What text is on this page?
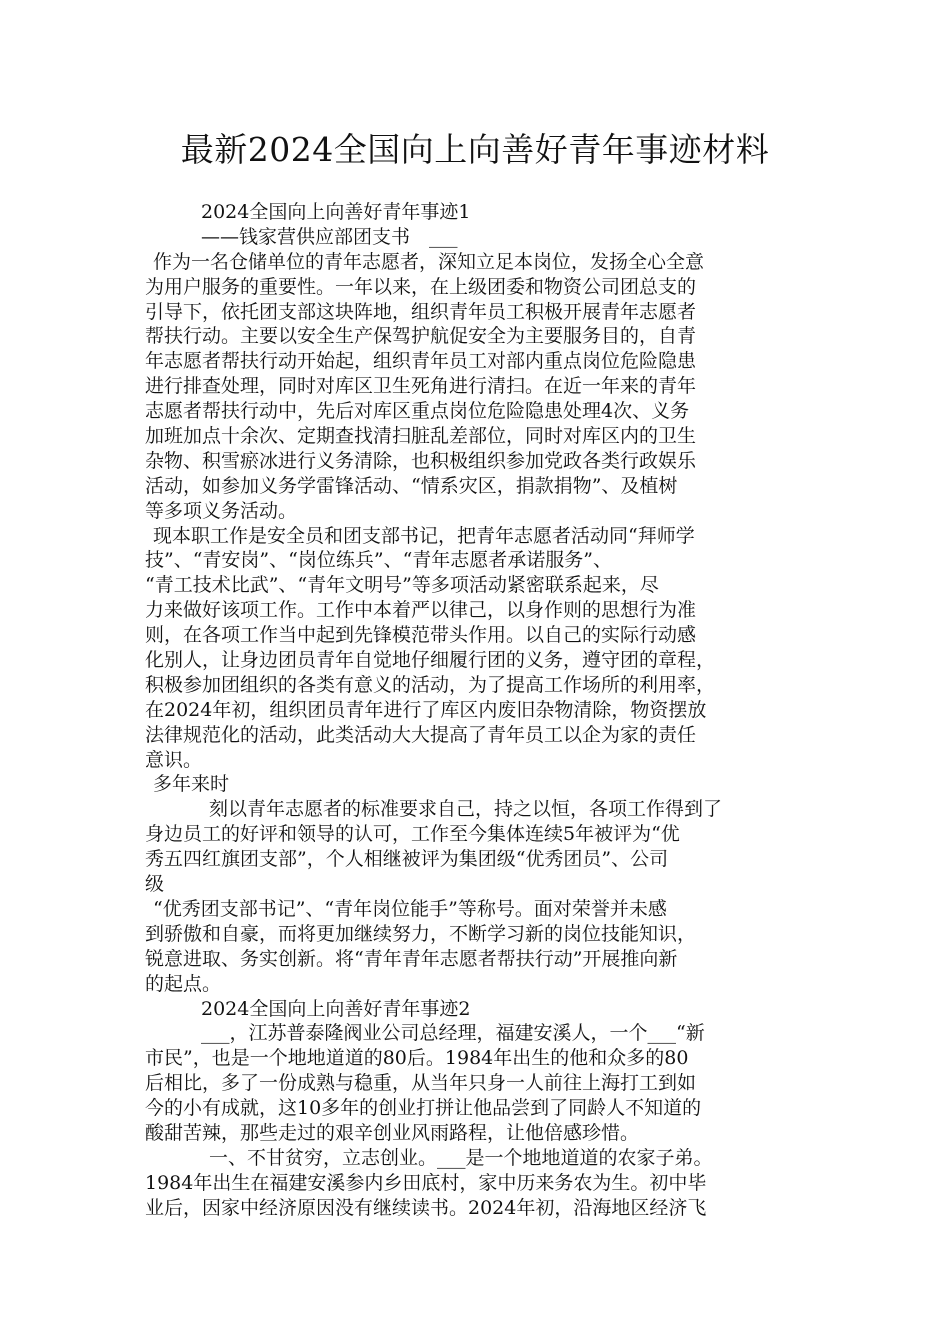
最新2024全国向上向善好青年事迹材料
2024全国向上向善好青年事迹1
——钱家营供应部团支书　___
作为一名仓储单位的青年志愿者，深知立足本岗位，发扬全心全意
为用户服务的重要性。一年以来，在上级团委和物资公司团总支的
引导下，依托团支部这块阵地，组织青年员工积极开展青年志愿者
帮扶行动。主要以安全生产保驾护航促安全为主要服务目的，自青
年志愿者帮扶行动开始起，组织青年员工对部内重点岗位危险隐患
进行排查处理，同时对库区卫生死角进行清扫。在近一年来的青年
志愿者帮扶行动中，先后对库区重点岗位危险隐患处理4次、义务
加班加点十余次、定期查找清扫脏乱差部位，同时对库区内的卫生
杂物、积雪瘀冰进行义务清除，也积极组织参加党政各类行政娱乐
活动，如参加义务学雷锋活动、“情系灾区，捐款捐物”、及植树
等多项义务活动。
现本职工作是安全员和团支部书记，把青年志愿者活动同“拜师学
技”、“青安岗”、“岗位练兵”、“青年志愿者承诺服务”、
“青工技术比武”、“青年文明号”等多项活动紧密联系起来，尽
力来做好该项工作。工作中本着严以律己，以身作则的思想行为准
则，在各项工作当中起到先锋模范带头作用。以自己的实际行动感
化别人，让身边团员青年自觉地仔细履行团的义务，遵守团的章程，
积极参加团组织的各类有意义的活动，为了提高工作场所的利用率，
在2024年初，组织团员青年进行了库区内废旧杂物清除，物资摆放
法律规范化的活动，此类活动大大提高了青年员工以企为家的责任
意识。
多年来时
刻以青年志愿者的标准要求自己，持之以恒，各项工作得到了
身边员工的好评和领导的认可，工作至今集体连续5年被评为“优
秀五四红旗团支部”，个人相继被评为集团级“优秀团员”、公司
级
“优秀团支部书记”、“青年岗位能手”等称号。面对荣誉并未感
到骄傲和自豪，而将更加继续努力，不断学习新的岗位技能知识，
锐意进取、务实创新。将“青年青年志愿者帮扶行动”开展推向新
的起点。
2024全国向上向善好青年事迹2
___，江苏普泰隆阀业公司总经理，福建安溪人，一个___“新
市民”，也是一个地地道道的80后。1984年出生的他和众多的80
后相比，多了一份成熟与稳重，从当年只身一人前往上海打工到如
今的小有成就，这10多年的创业打拼让他品尝到了同龄人不知道的
酸甜苦辣，那些走过的艰辛创业风雨路程，让他倍感珍惜。
一、不甘贫穷，立志创业。___是一个地地道道的农家子弟。
1984年出生在福建安溪参内乡田底村，家中历来务农为生。初中毕
业后，因家中经济原因没有继续读书。2024年初，沿海地区经济飞
